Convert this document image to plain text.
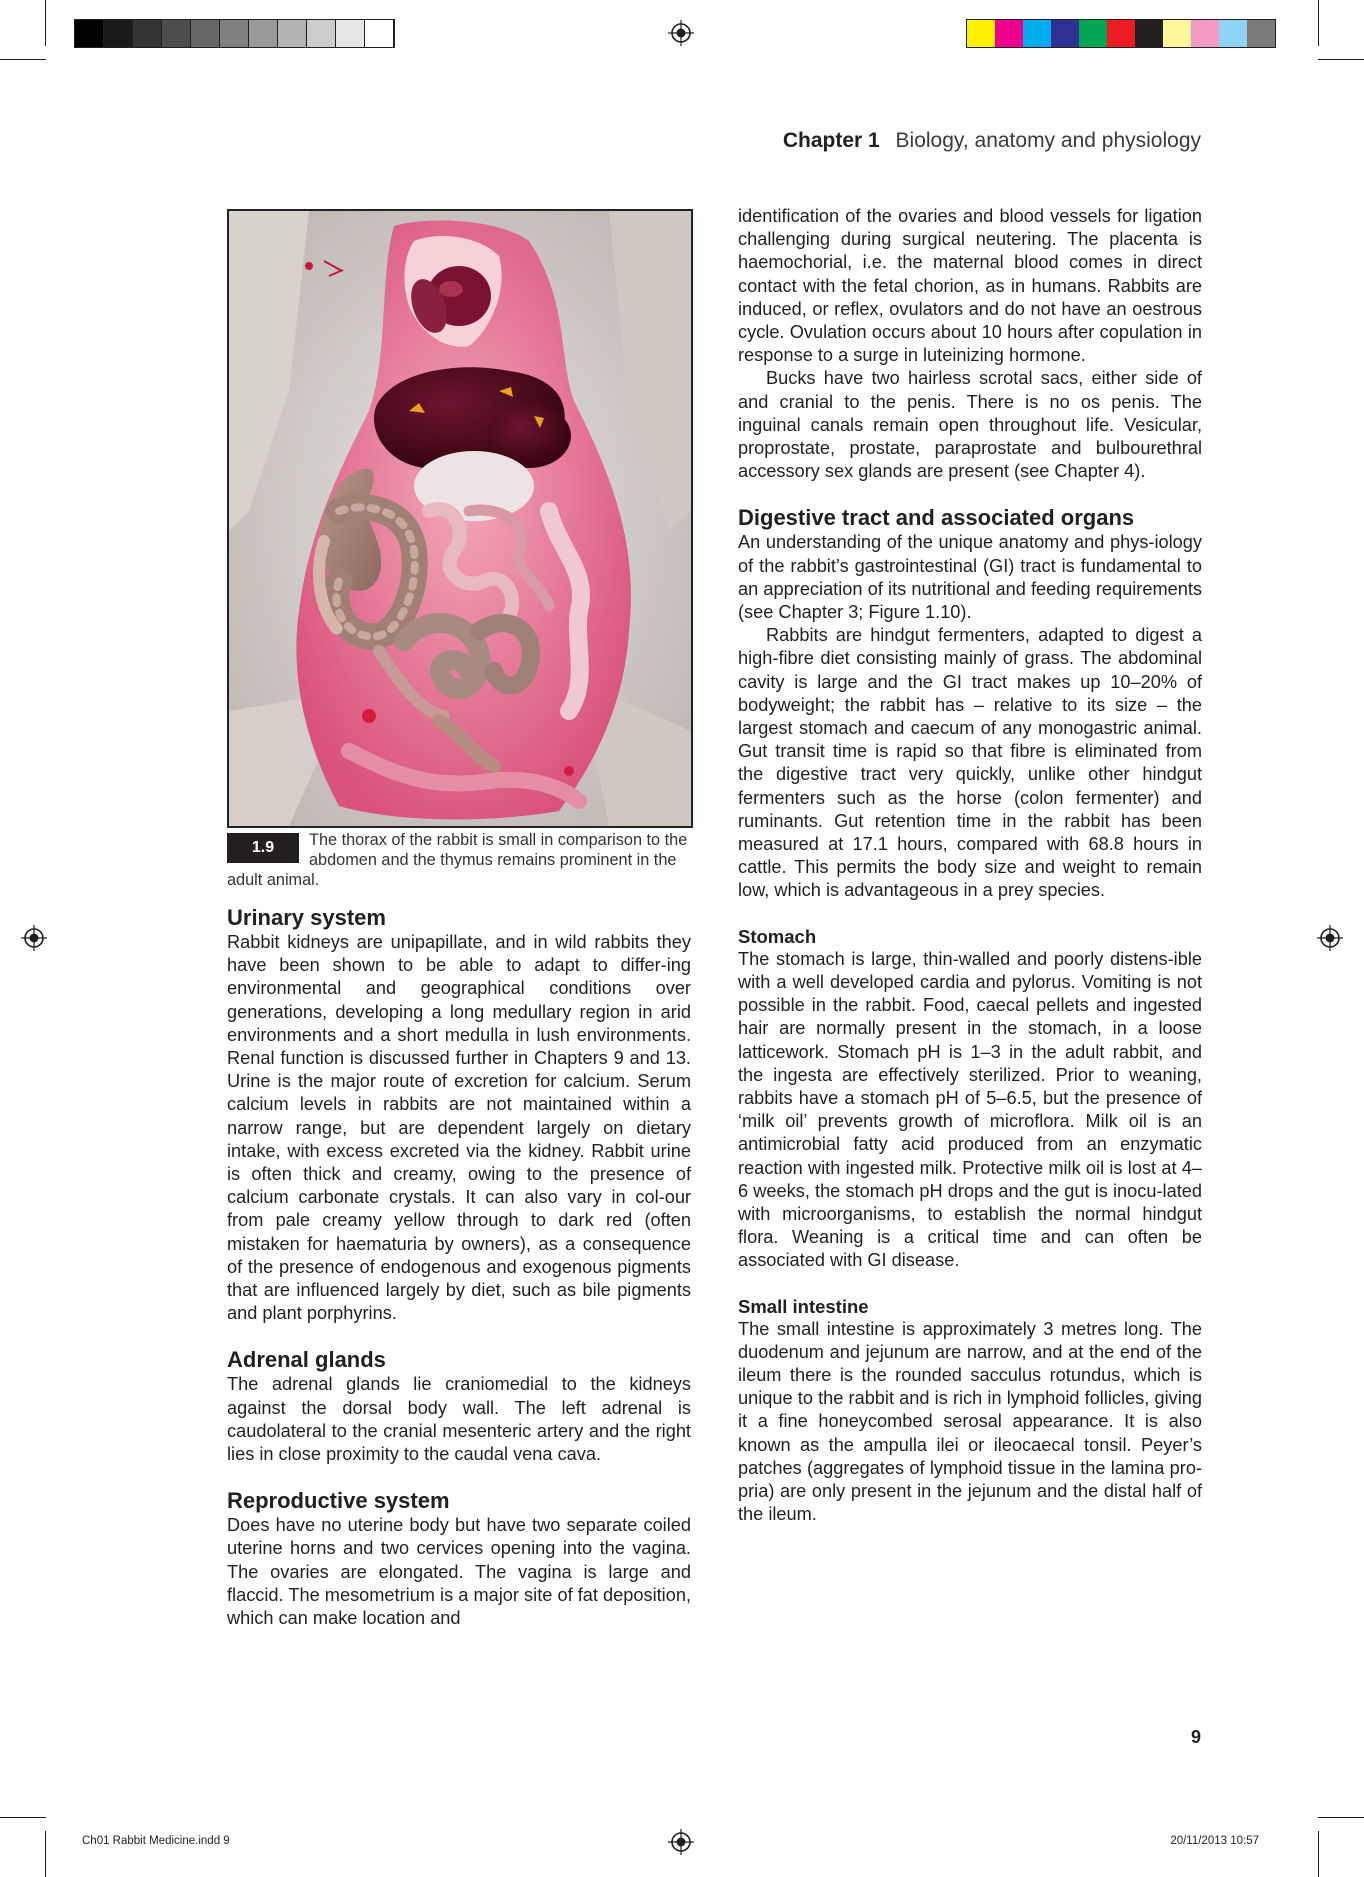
Chapter 1 Biology, anatomy and physiology
1.9	The thorax of the rabbit is small in comparison to the abdomen and the thymus remains prominent in the adult animal.
Urinary system

Rabbit kidneys are unipapillate, and in wild rabbits they have been shown to be able to adapt to differ-ing environmental and geographical conditions over generations, developing a long medullary region in arid environments and a short medulla in lush environments. Renal function is discussed further in Chapters 9 and 13. Urine is the major route of excretion for calcium. Serum calcium levels in rabbits are not maintained within a narrow range, but are dependent largely on dietary intake, with excess excreted via the kidney. Rabbit urine is often thick and creamy, owing to the presence of calcium carbonate crystals. It can also vary in col-our from pale creamy yellow through to dark red (often mistaken for haematuria by owners), as a consequence of the presence of endogenous and exogenous pigments that are influenced largely by diet, such as bile pigments and plant porphyrins.

Adrenal glands

The adrenal glands lie craniomedial to the kidneys against the dorsal body wall. The left adrenal is caudolateral to the cranial mesenteric artery and the right lies in close proximity to the caudal vena cava.

Reproductive system

Does have no uterine body but have two separate coiled uterine horns and two cervices opening into the vagina. The ovaries are elongated. The vagina is large and flaccid. The mesometrium is a major site of fat deposition, which can make location and

identification of the ovaries and blood vessels for ligation challenging during surgical neutering. The placenta is haemochorial, i.e. the maternal blood comes in direct contact with the fetal chorion, as in humans. Rabbits are induced, or reflex, ovulators and do not have an oestrous cycle. Ovulation occurs about 10 hours after copulation in response to a surge in luteinizing hormone.

Bucks have two hairless scrotal sacs, either side of and cranial to the penis. There is no os penis. The inguinal canals remain open throughout life. Vesicular, proprostate, prostate, paraprostate and bulbourethral accessory sex glands are present (see Chapter 4).

Digestive tract and associated organs

An understanding of the unique anatomy and phys-iology of the rabbit’s gastrointestinal (GI) tract is fundamental to an appreciation of its nutritional and feeding requirements (see Chapter 3; Figure 1.10).

Rabbits are hindgut fermenters, adapted to digest a high-fibre diet consisting mainly of grass. The abdominal cavity is large and the GI tract makes up 10–20% of bodyweight; the rabbit has – relative to its size – the largest stomach and caecum of any monogastric animal. Gut transit time is rapid so that fibre is eliminated from the digestive tract very quickly, unlike other hindgut fermenters such as the horse (colon fermenter) and ruminants. Gut retention time in the rabbit has been measured at 17.1 hours, compared with 68.8 hours in cattle. This permits the body size and weight to remain low, which is advantageous in a prey species.

Stomach

The stomach is large, thin-walled and poorly distens-ible with a well developed cardia and pylorus. Vomiting is not possible in the rabbit. Food, caecal pellets and ingested hair are normally present in the stomach, in a loose latticework. Stomach pH is 1–3 in the adult rabbit, and the ingesta are effectively sterilized. Prior to weaning, rabbits have a stomach pH of 5–6.5, but the presence of ‘milk oil’ prevents growth of microflora. Milk oil is an antimicrobial fatty acid produced from an enzymatic reaction with ingested milk. Protective milk oil is lost at 4–6 weeks, the stomach pH drops and the gut is inocu-lated with microorganisms, to establish the normal hindgut flora. Weaning is a critical time and can often be associated with GI disease.

Small intestine

The small intestine is approximately 3 metres long. The duodenum and jejunum are narrow, and at the end of the ileum there is the rounded sacculus rotundus, which is unique to the rabbit and is rich in lymphoid follicles, giving it a fine honeycombed serosal appearance. It is also known as the ampulla ilei or ileocaecal tonsil. Peyer’s patches (aggregates of lymphoid tissue in the lamina pro-pria) are only present in the jejunum and the distal half of the ileum.

9
Ch01 Rabbit Medicine.indd 9	20/11/2013 10:57
